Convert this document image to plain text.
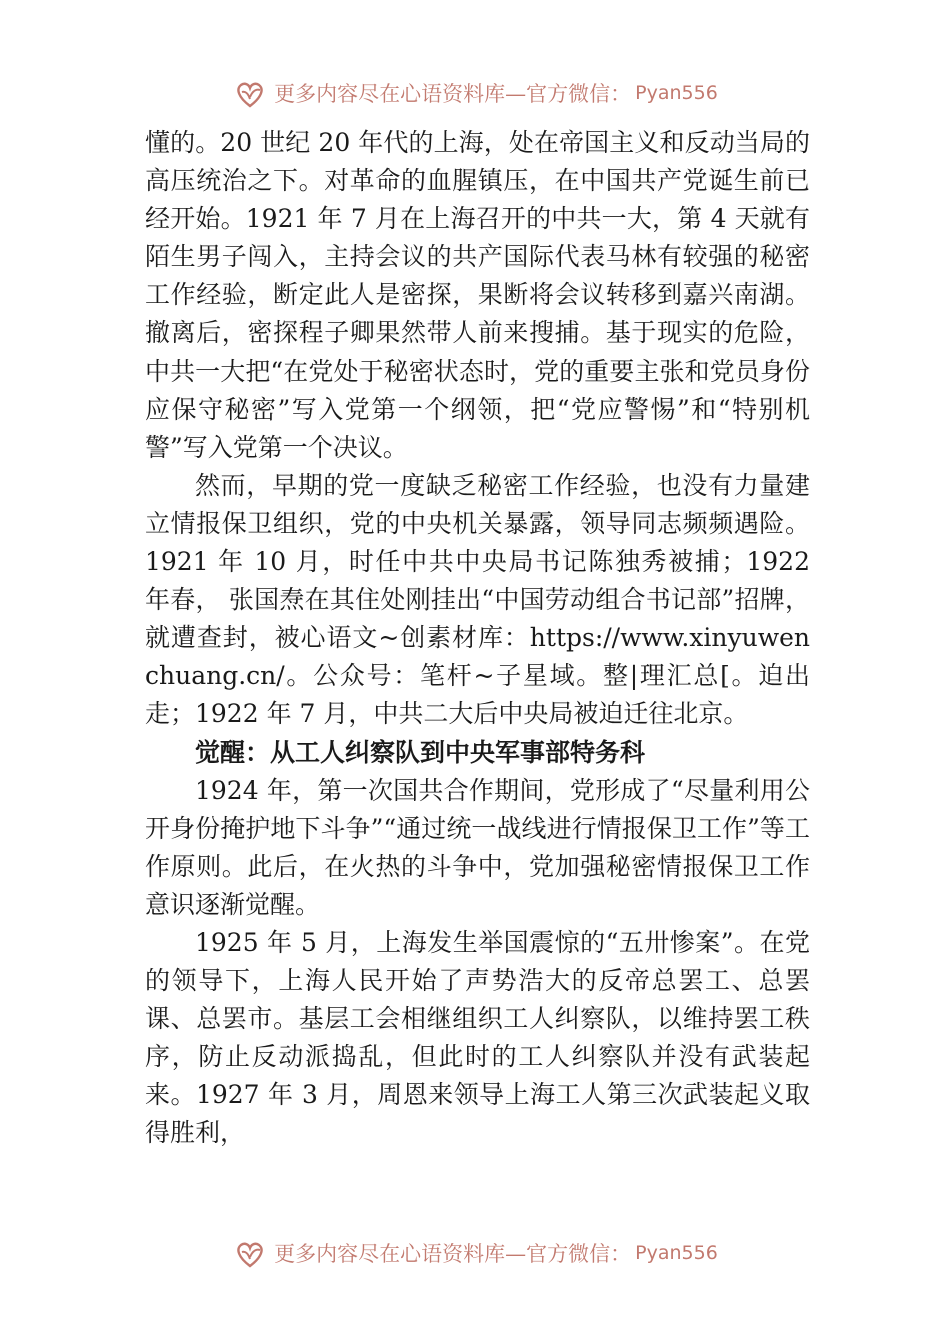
更多内容尽在心语资料库—官方微信： Pyan556

懂的。20 世纪 20 年代的上海，处在帝国主义和反动当局的高压统治之下。对革命的血腥镇压，在中国共产党诞生前已经开始。1921 年 7 月在上海召开的中共一大，第 4 天就有陌生男子闯入，主持会议的共产国际代表马林有较强的秘密工作经验，断定此人是密探，果断将会议转移到嘉兴南湖。撤离后，密探程子卿果然带人前来搜捕。基于现实的危险，中共一大把“在党处于秘密状态时，党的重要主张和党员身份应保守秘密”写入党第一个纲领，把“党应警惕”和“特别机警”写入党第一个决议。

然而，早期的党一度缺乏秘密工作经验，也没有力量建立情报保卫组织，党的中央机关暴露，领导同志频频遇险。1921 年 10 月，时任中共中央局书记陈独秀被捕；1922 年春， 张国焘在其住处刚挂出“中国劳动组合书记部”招牌，就遭查封，被心语文~创素材库：https://www.xinyuwenchuang.cn/。公众号：笔杆~子星域。整|理汇总[。迫出走；1922 年 7 月，中共二大后中央局被迫迁往北京。

觉醒：从工人纠察队到中央军事部特务科

1924 年，第一次国共合作期间，党形成了“尽量利用公开身份掩护地下斗争”“通过统一战线进行情报保卫工作”等工作原则。此后，在火热的斗争中，党加强秘密情报保卫工作意识逐渐觉醒。

1925 年 5 月，上海发生举国震惊的“五卅惨案”。在党的领导下，上海人民开始了声势浩大的反帝总罢工、总罢课、总罢市。基层工会相继组织工人纠察队，以维持罢工秩序，防止反动派捣乱，但此时的工人纠察队并没有武装起来。1927 年 3 月，周恩来领导上海工人第三次武装起义取得胜利，

更多内容尽在心语资料库—官方微信： Pyan556
